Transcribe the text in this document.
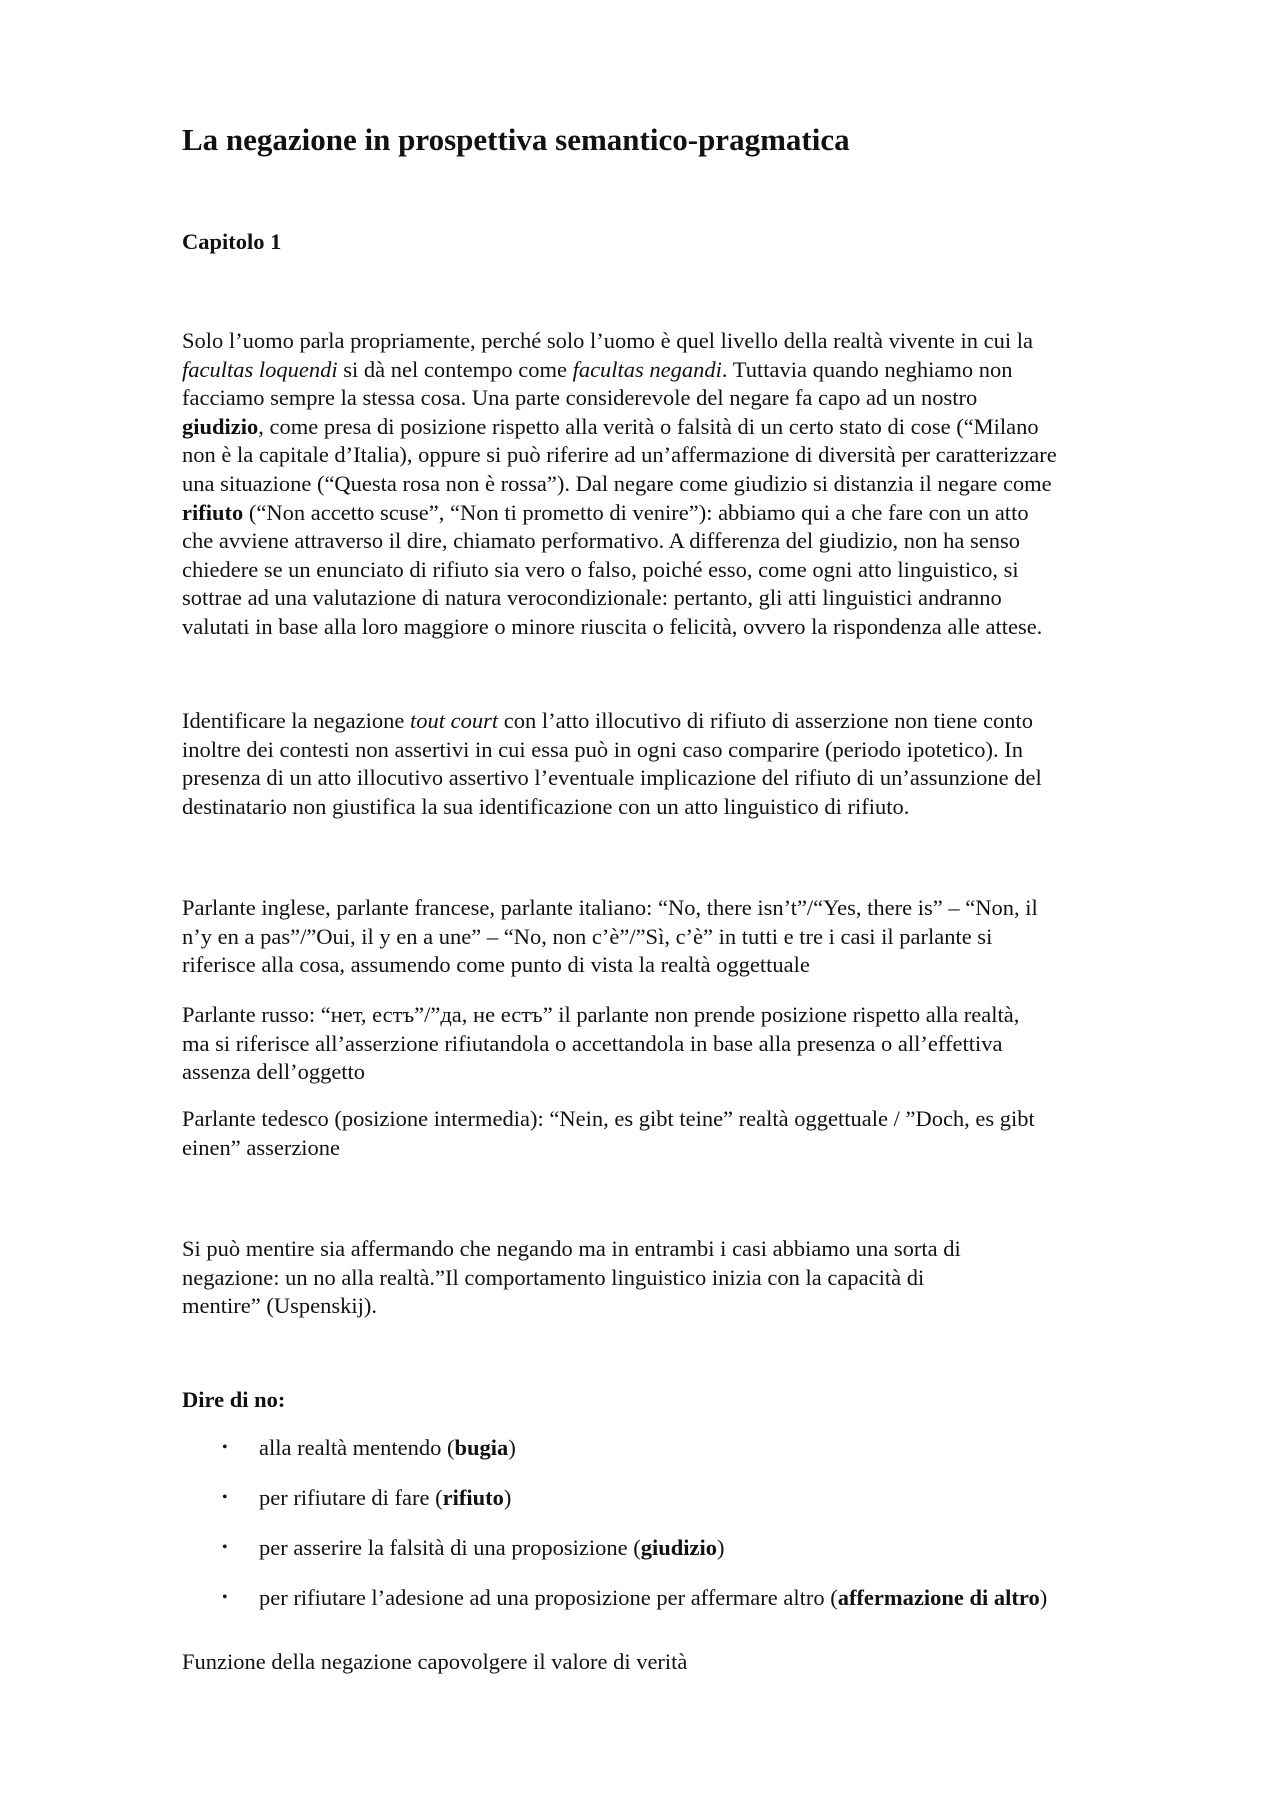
La negazione in prospettiva semantico-pragmatica
Capitolo 1

Solo l’uomo parla propriamente, perché solo l’uomo è quel livello della realtà vivente in cui la
facultas loquendi si dà nel contempo come facultas negandi. Tuttavia quando neghiamo non
facciamo sempre la stessa cosa. Una parte considerevole del negare fa capo ad un nostro
giudizio, come presa di posizione rispetto alla verità o falsità di un certo stato di cose (“Milano
non è la capitale d’Italia), oppure si può riferire ad un’affermazione di diversità per caratterizzare
una situazione (“Questa rosa non è rossa”). Dal negare come giudizio si distanzia il negare come
rifiuto (“Non accetto scuse”, “Non ti prometto di venire”): abbiamo qui a che fare con un atto
che avviene attraverso il dire, chiamato performativo. A differenza del giudizio, non ha senso
chiedere se un enunciato di rifiuto sia vero o falso, poiché esso, come ogni atto linguistico, si
sottrae ad una valutazione di natura verocondizionale: pertanto, gli atti linguistici andranno
valutati in base alla loro maggiore o minore riuscita o felicità, ovvero la rispondenza alle attese.

Identificare la negazione tout court con l’atto illocutivo di rifiuto di asserzione non tiene conto
inoltre dei contesti non assertivi in cui essa può in ogni caso comparire (periodo ipotetico). In
presenza di un atto illocutivo assertivo l’eventuale implicazione del rifiuto di un’assunzione del
destinatario non giustifica la sua identificazione con un atto linguistico di rifiuto.

Parlante inglese, parlante francese, parlante italiano: “No, there isn’t”/“Yes, there is” – “Non, il
n’y en a pas”/”Oui, il y en a une” – “No, non c’è”/”Sì, c’è” in tutti e tre i casi il parlante si
riferisce alla cosa, assumendo come punto di vista la realtà oggettuale

Parlante russo: “нет, естъ”/”да, не естъ” il parlante non prende posizione rispetto alla realtà,
ma si riferisce all’asserzione rifiutandola o accettandola in base alla presenza o all’effettiva
assenza dell’oggetto

Parlante tedesco (posizione intermedia): “Nein, es gibt teine” realtà oggettuale / ”Doch, es gibt
einen” asserzione

Si può mentire sia affermando che negando ma in entrambi i casi abbiamo una sorta di
negazione: un no alla realtà.”Il comportamento linguistico inizia con la capacità di
mentire” (Uspenskij).

Dire di no:
• alla realtà mentendo (bugia)
• per rifiutare di fare (rifiuto)
• per asserire la falsità di una proposizione (giudizio)
• per rifiutare l’adesione ad una proposizione per affermare altro (affermazione di altro)

Funzione della negazione capovolgere il valore di verità
